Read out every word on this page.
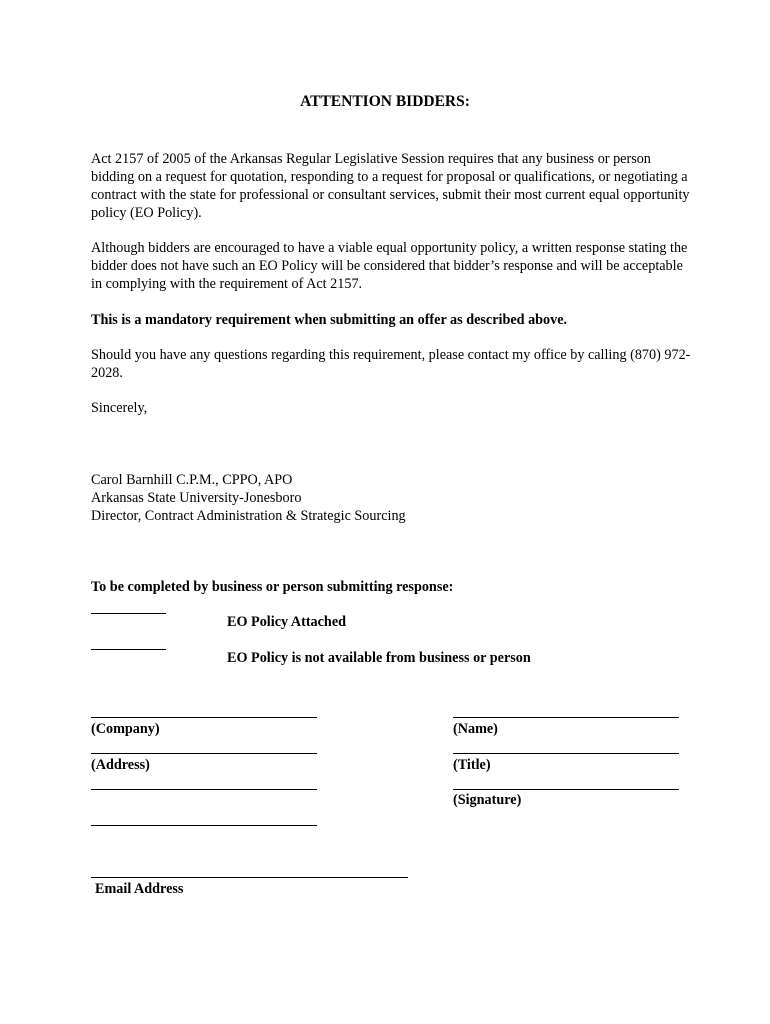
ATTENTION BIDDERS:

Act 2157 of 2005 of the Arkansas Regular Legislative Session requires that any business or person bidding on a request for quotation, responding to a request for proposal or qualifications, or negotiating a contract with the state for professional or consultant services, submit their most current equal opportunity policy (EO Policy).

Although bidders are encouraged to have a viable equal opportunity policy, a written response stating the bidder does not have such an EO Policy will be considered that bidder’s response and will be acceptable in complying with the requirement of Act 2157.

This is a mandatory requirement when submitting an offer as described above.

Should you have any questions regarding this requirement, please contact my office by calling (870) 972-2028.

Sincerely,

Carol Barnhill C.P.M., CPPO, APO
Arkansas State University-Jonesboro
Director, Contract Administration & Strategic Sourcing
To be completed by business or person submitting response:
EO Policy Attached
EO Policy is not available from business or person
(Company)
(Address)
(Name)
(Title)
(Signature)
Email Address
